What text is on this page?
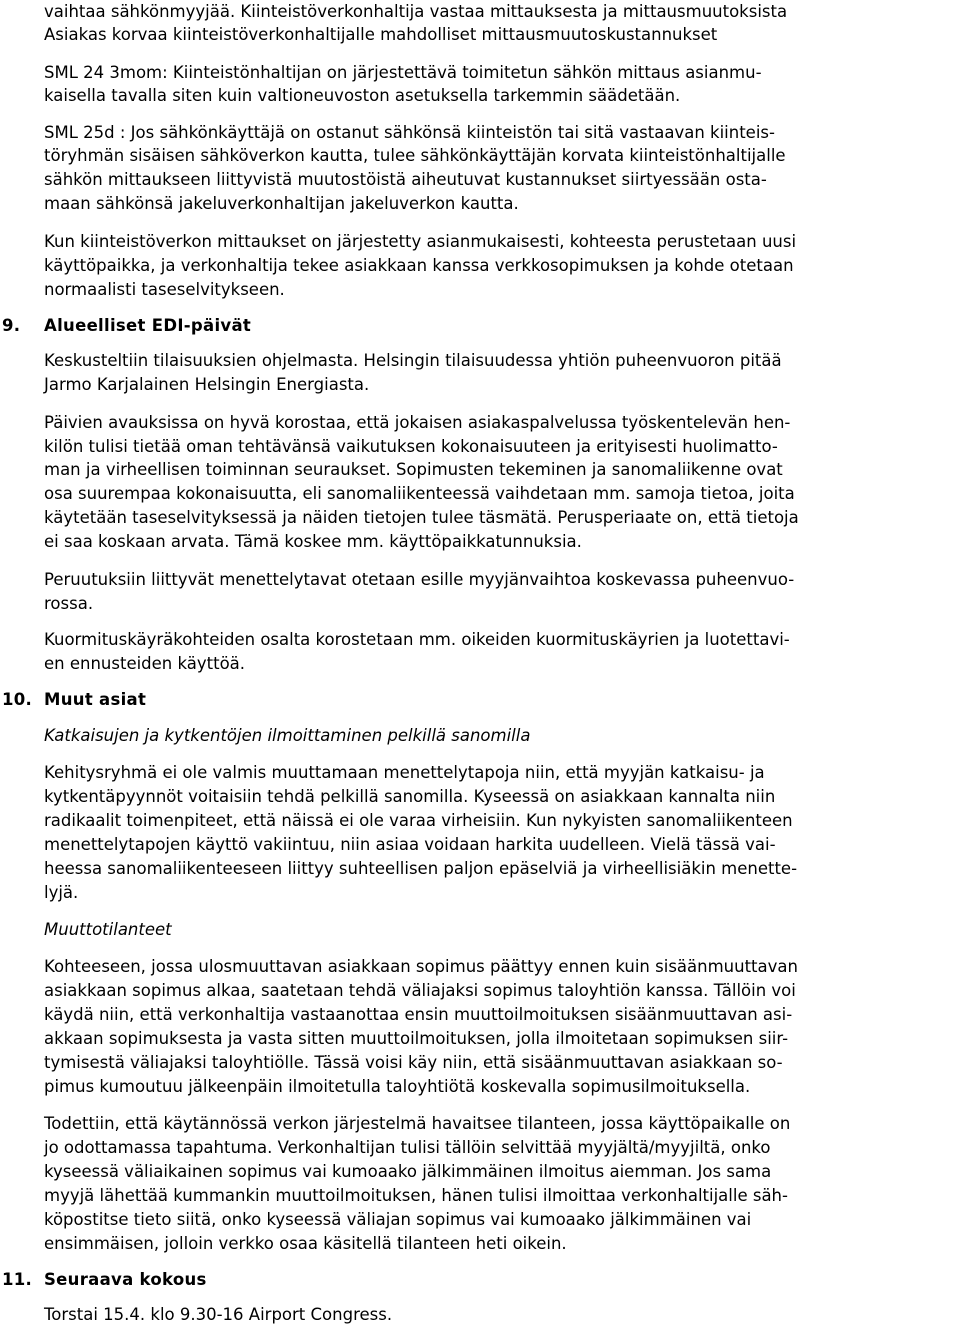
vaihtaa sähkönmyyjää. Kiinteistöverkonhaltija vastaa mittauksesta ja mittausmuutoksista
Asiakas korvaa kiinteistöverkonhaltijalle mahdolliset mittausmuutoskustannukset
SML 24 3mom: Kiinteistönhaltijan on järjestettävä toimitetun sähkön mittaus asianmu-
kaisella tavalla siten kuin valtioneuvoston asetuksella tarkemmin säädetään.
SML 25d : Jos sähkönkäyttäjä on ostanut sähkönsä kiinteistön tai sitä vastaavan kiinteis-
töryhmän sisäisen sähköverkon kautta, tulee sähkönkäyttäjän korvata kiinteistönhaltijalle
sähkön mittaukseen liittyvistä muutostöistä aiheutuvat kustannukset siirtyessään osta-
maan sähkönsä jakeluverkonhaltijan jakeluverkon kautta.
Kun kiinteistöverkon mittaukset on järjestetty asianmukaisesti, kohteesta perustetaan uusi
käyttöpaikka, ja verkonhaltija tekee asiakkaan kanssa verkkosopimuksen ja kohde otetaan
normaalisti taseselvitykseen.
9. Alueelliset EDI-päivät
Keskusteltiin tilaisuuksien ohjelmasta. Helsingin tilaisuudessa yhtiön puheenvuoron pitää
Jarmo Karjalainen Helsingin Energiasta.
Päivien avauksissa on hyvä korostaa, että jokaisen asiakaspalvelussa työskentelevän hen-
kilön tulisi tietää oman tehtävänsä vaikutuksen kokonaisuuteen ja erityisesti huolimatto-
man ja virheellisen toiminnan seuraukset. Sopimusten tekeminen ja sanomaliikenne ovat
osa suurempaa kokonaisuutta, eli sanomaliikenteessä vaihdetaan mm. samoja tietoa, joita
käytetään taseselvityksessä ja näiden tietojen tulee täsmätä. Perusperiaate on, että tietoja
ei saa koskaan arvata. Tämä koskee mm. käyttöpaikkatunnuksia.
Peruutuksiin liittyvät menettelytavat otetaan esille myyjänvaihtoa koskevassa puheenvuo-
rossa.
Kuormituskäyräkohteiden osalta korostetaan mm. oikeiden kuormituskäyrien ja luotettavi-
en ennusteiden käyttöä.
10. Muut asiat
Katkaisujen ja kytkentöjen ilmoittaminen pelkillä sanomilla
Kehitysryhmä ei ole valmis muuttamaan menettelytapoja niin, että myyjän katkaisu- ja
kytkentäpyynnöt voitaisiin tehdä pelkillä sanomilla. Kyseessä on asiakkaan kannalta niin
radikaalit toimenpiteet, että näissä ei ole varaa virheisiin. Kun nykyisten sanomaliikenteen
menettelytapojen käyttö vakiintuu, niin asiaa voidaan harkita uudelleen. Vielä tässä vai-
heessa sanomaliikenteeseen liittyy suhteellisen paljon epäselviä ja virheellisiäkin menette-
lyjä.
Muuttotilanteet
Kohteeseen, jossa ulosmuuttavan asiakkaan sopimus päättyy ennen kuin sisäänmuuttavan
asiakkaan sopimus alkaa, saatetaan tehdä väliajaksi sopimus taloyhtiön kanssa. Tällöin voi
käydä niin, että verkonhaltija vastaanottaa ensin muuttoilmoituksen sisäänmuuttavan asi-
akkaan sopimuksesta ja vasta sitten muuttoilmoituksen, jolla ilmoitetaan sopimuksen siir-
tymisestä väliajaksi taloyhtiölle. Tässä voisi käy niin, että sisäänmuuttavan asiakkaan so-
pimus kumoutuu jälkeenpäin ilmoitetulla taloyhtiötä koskevalla sopimusilmoituksella.
Todettiin, että käytännössä verkon järjestelmä havaitsee tilanteen, jossa käyttöpaikalle on
jo odottamassa tapahtuma. Verkonhaltijan tulisi tällöin selvittää myyjältä/myyjiltä, onko
kyseessä väliaikainen sopimus vai kumoaako jälkimmäinen ilmoitus aiemman. Jos sama
myyjä lähettää kummankin muuttoilmoituksen, hänen tulisi ilmoittaa verkonhaltijalle säh-
köpostitse tieto siitä, onko kyseessä väliajan sopimus vai kumoaako jälkimmäinen vai
ensimmäisen, jolloin verkko osaa käsitellä tilanteen heti oikein.
11. Seuraava kokous
Torstai 15.4. klo 9.30-16 Airport Congress.
